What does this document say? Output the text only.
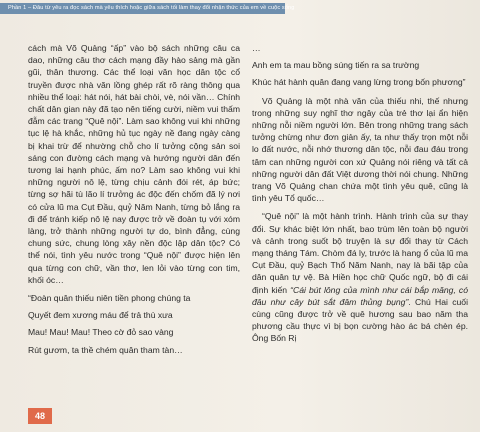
Phần 1 – Đâu từ yêu ra đọc sách mà yêu thích hoặc giữa sách tối làm thay đổi nhận thức của em về cuộc sống

cách mà Võ Quảng “ấp” vào bộ sách những câu ca dao, những câu thơ cách mạng đầy hào sảng mà gần gũi, thân thương. Các thể loại văn học dân tộc cổ truyền được nhà văn lồng ghép rất rõ ràng thông qua nhiều thể loại: hát nói, hát bài chòi, vè, nói vần… Chính chất dân gian này đã tạo nên tiếng cười, niềm vui thấm đẫm các trang “Quê nội”. Làm sao không vui khi những tục lệ hà khắc, những hủ tục ngày nề đang ngày càng bị khai trừ để nhường chỗ cho lí tưởng cộng sản soi sáng con đường cách mạng và hướng người dân đến tương lai hạnh phúc, ấm no? Làm sao không vui khi những người nô lệ, từng chịu cảnh đói rét, áp bức; từng sợ hãi tù lão lí trưởng ác độc đến chốm đã lý nơi có cửa lũ ma Cụt Đầu, quỷ Năm Nanh, từng bỏ lắng ra đi để tránh kiếp nô lệ nay được trở về đoàn tụ với xóm làng, trở thành những người tự do, bình đẳng, cùng chung sức, chung lòng xây nền độc lập dân tộc? Có thể nói, tình yêu nước trong “Quê nội” được hiện lên qua từng con chữ, vần thơ, len lỏi vào từng con tim, khối óc…

“Đoàn quân thiếu niên tiền phong chúng ta

Quyết đem xương máu để trả thù xưa

Mau! Mau! Mau! Theo cờ đỏ sao vàng

Rút gươm, ta thề chém quân tham tàn…

…

Anh em ta mau bồng súng tiến ra sa trường

Khúc hát hành quân đang vang lừng trong bốn phương”

Võ Quảng là một nhà văn của thiếu nhi, thế nhưng trong những suy nghĩ thơ ngây của trẻ thơ lại ẩn hiện những nỗi niềm người lớn. Bên trong những trang sách tưởng chừng như đơn giản ấy, ta như thấy trọn một nỗi lo đất nước, nỗi nhớ thương dân tộc, nỗi đau đáu trong tâm can những người con xứ Quảng nói riêng và tất cả những người dân đất Việt dương thời nói chung. Những trang Võ Quảng chan chứa một tình yêu quê, cũng là tình yêu Tổ quốc…

“Quê nội” là một hành trình. Hành trình của sự thay đổi. Sự khác biệt lớn nhất, bao trùm lên toàn bộ người và cảnh trong suốt bộ truyện là sự đổi thay từ Cách mạng tháng Tám. Chòm đá ly, trước là hang ổ của lũ ma Cụt Đầu, quỷ Bạch Thổ Năm Nanh, nay là bãi tập của dân quân tự vệ. Bà Hiền học chữ Quốc ngữ, bộ đi cái định kiến “Cái bút lông của mình như cái bắp măng, có đâu như cây bút sắt đâm thủng bụng”. Chú Hai cuối cùng cũng được trở về quê hương sau bao năm tha phương cầu thực vì bị bọn cường hào ác bá chèn ép. Ông Bốn Rị

48
